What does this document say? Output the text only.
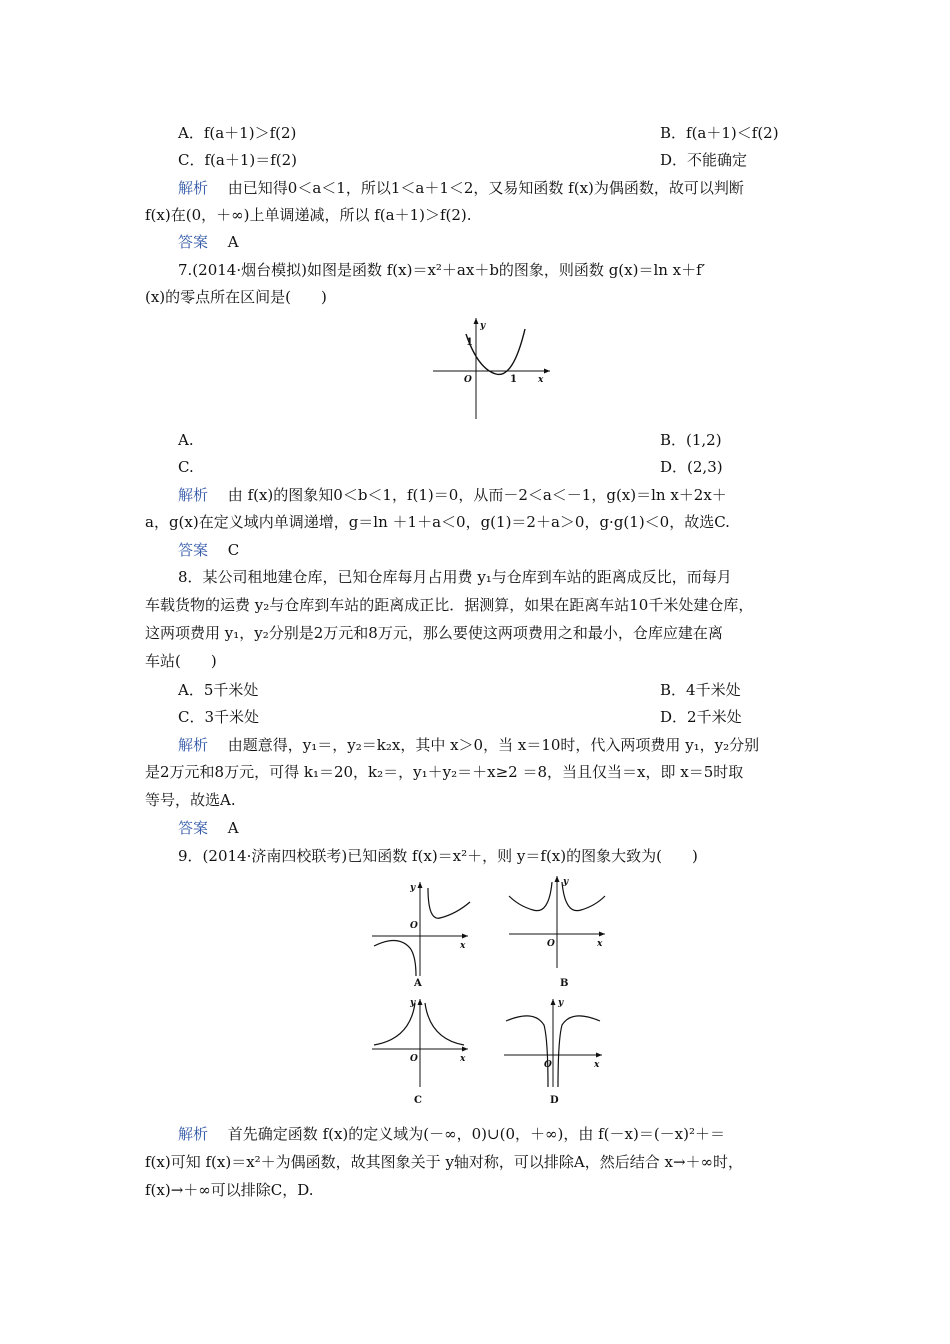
A．f(a＋1)＞f(2)	B．f(a＋1)＜f(2)
C．f(a＋1)＝f(2)	D．不能确定
解析　 由已知得0＜a＜1，所以1＜a＋1＜2，又易知函数 f(x)为偶函数，故可以判断
f(x)在(0，＋∞)上单调递减，所以 f(a＋1)＞f(2).
答案　 A
7.(2014·烟台模拟)如图是函数 f(x)＝x²＋ax＋b的图象，则函数 g(x)＝ln x＋f′
(x)的零点所在区间是(　　)
y
1
O	1 x
A.	B．(1,2)
C.	D．(2,3)
解析　 由 f(x)的图象知0＜b＜1，f(1)＝0，从而－2＜a＜－1，g(x)＝ln x＋2x＋
a，g(x)在定义域内单调递增，g＝ln ＋1＋a＜0，g(1)＝2＋a＞0，g·g(1)＜0，故选C.
答案　 C
8．某公司租地建仓库，已知仓库每月占用费 y₁与仓库到车站的距离成反比，而每月
车载货物的运费 y₂与仓库到车站的距离成正比．据测算，如果在距离车站10千米处建仓库，
这两项费用 y₁，y₂分别是2万元和8万元，那么要使这两项费用之和最小，仓库应建在离
车站(　　)
A．5千米处	B．4千米处
C．3千米处	D．2千米处
解析　 由题意得，y₁＝，y₂＝k₂x，其中 x＞0，当 x＝10时，代入两项费用 y₁，y₂分别
是2万元和8万元，可得 k₁＝20，k₂＝，y₁＋y₂＝＋x≥2 ＝8，当且仅当＝x，即 x＝5时取
等号，故选A.
答案　 A
9．(2014·济南四校联考)已知函数 f(x)＝x²＋，则 y＝f(x)的图象大致为(　　)
y
O
x
A
y
O	x
B
y
O	x
C
y
O	x
D
解析　 首先确定函数 f(x)的定义域为(－∞，0)∪(0，＋∞)，由 f(－x)＝(－x)²＋＝
f(x)可知 f(x)＝x²＋为偶函数，故其图象关于 y轴对称，可以排除A，然后结合 x→＋∞时，
f(x)→＋∞可以排除C，D.
